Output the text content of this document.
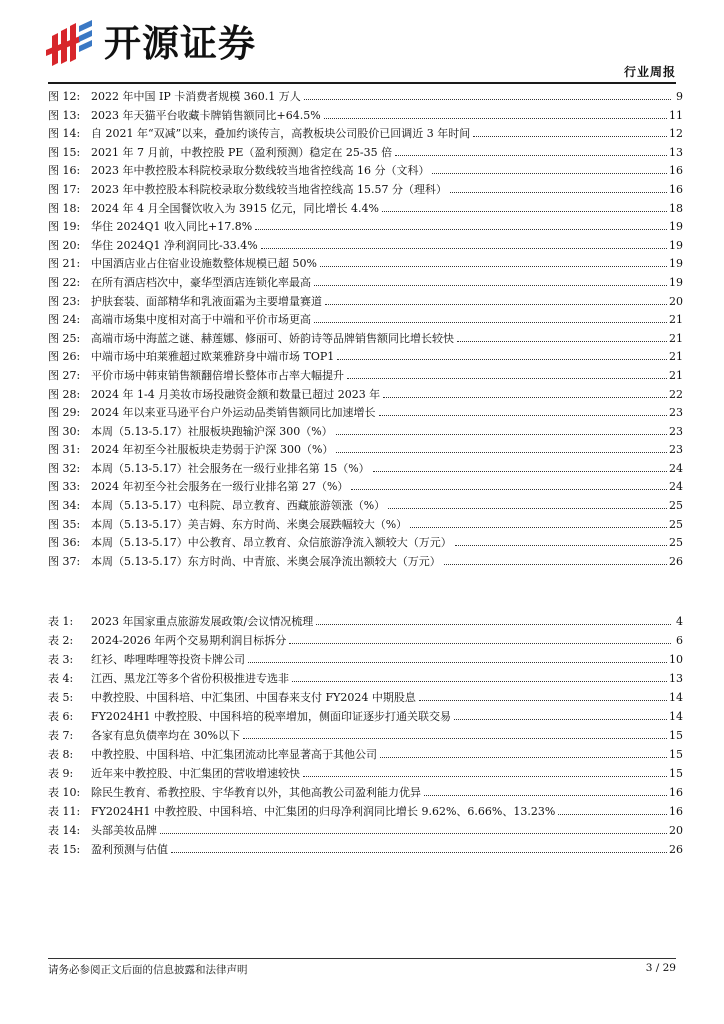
开源证券
行业周报
图 12: 2022 年中国 IP 卡消费者规模 360.1 万人	9
图 13: 2023 年天猫平台收藏卡牌销售额同比+64.5%	11
图 14: 自 2021 年“双减”以来，叠加约谈传言，高教板块公司股价已回调近 3 年时间	12
图 15: 2021 年 7 月前，中教控股 PE（盈利预测）稳定在 25-35 倍	13
图 16: 2023 年中教控股本科院校录取分数线较当地省控线高 16 分（文科）	16
图 17: 2023 年中教控股本科院校录取分数线较当地省控线高 15.57 分（理科）	16
图 18: 2024 年 4 月全国餐饮收入为 3915 亿元，同比增长 4.4%	18
图 19: 华住 2024Q1 收入同比+17.8%	19
图 20: 华住 2024Q1 净利润同比-33.4%	19
图 21: 中国酒店业占住宿业设施数整体规模已超 50%	19
图 22: 在所有酒店档次中，豪华型酒店连锁化率最高	19
图 23: 护肤套装、面部精华和乳液面霜为主要增量赛道	20
图 24: 高端市场集中度相对高于中端和平价市场更高	21
图 25: 高端市场中海蓝之谜、赫莲娜、修丽可、娇韵诗等品牌销售额同比增长较快	21
图 26: 中端市场中珀莱雅超过欧莱雅跻身中端市场 TOP1	21
图 27: 平价市场中韩束销售额翻倍增长整体市占率大幅提升	21
图 28: 2024 年 1-4 月美妆市场投融资金额和数量已超过 2023 年	22
图 29: 2024 年以来亚马逊平台户外运动品类销售额同比加速增长	23
图 30: 本周（5.13-5.17）社服板块跑输沪深 300（%）	23
图 31: 2024 年初至今社服板块走势弱于沪深 300（%）	23
图 32: 本周（5.13-5.17）社会服务在一级行业排名第 15（%）	24
图 33: 2024 年初至今社会服务在一级行业排名第 27（%）	24
图 34: 本周（5.13-5.17）屯科院、昂立教育、西藏旅游领涨（%）	25
图 35: 本周（5.13-5.17）美吉姆、东方时尚、米奥会展跌幅较大（%）	25
图 36: 本周（5.13-5.17）中公教育、昂立教育、众信旅游净流入额较大（万元）	25
图 37: 本周（5.13-5.17）东方时尚、中青旅、米奥会展净流出额较大（万元）	26
表 1:	2023 年国家重点旅游发展政策/会议情况梳理	4
表 2:	2024-2026 年两个交易期利润目标拆分	6
表 3:	红衫、哔哩哔哩等投资卡牌公司	10
表 4:	江西、黑龙江等多个省份积极推进专选非	13
表 5:	中教控股、中国科培、中汇集团、中国春来支付 FY2024 中期股息	14
表 6:	FY2024H1 中教控股、中国科培的税率增加，侧面印证逐步打通关联交易	14
表 7:	各家有息负债率均在 30%以下	15
表 8:	中教控股、中国科培、中汇集团流动比率显著高于其他公司	15
表 9:	近年来中教控股、中汇集团的营收增速较快	15
表 10: 除民生教育、希教控股、宇华教育以外，其他高教公司盈利能力优异	16
表 11: FY2024H1 中教控股、中国科培、中汇集团的归母净利润同比增长 9.62%、6.66%、13.23%	16
表 14: 头部美妆品牌	20
表 15: 盈利预测与估值	26
请务必参阅正文后面的信息披露和法律声明	3 / 29
